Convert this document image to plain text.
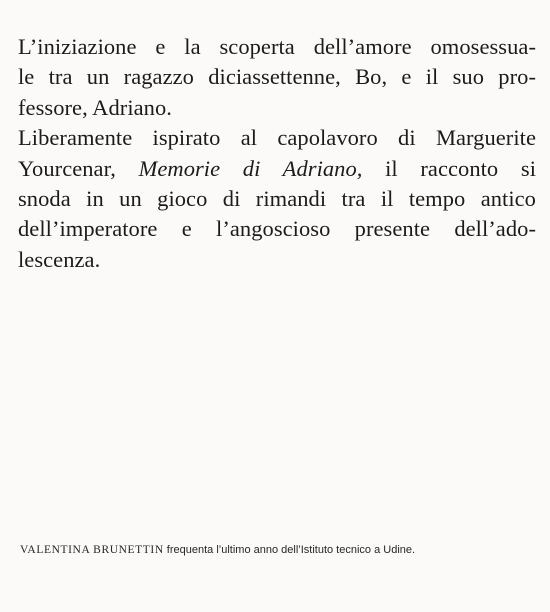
L’iniziazione e la scoperta dell’amore omosessua-
le tra un ragazzo diciassettenne, Bo, e il suo pro-
fessore, Adriano.
Liberamente ispirato al capolavoro di Marguerite
Yourcenar, Memorie di Adriano, il racconto si
snoda in un gioco di rimandi tra il tempo antico
dell’imperatore e l’angoscioso presente dell’ado-
lescenza.
VALENTINA BRUNETTIN frequenta l’ultimo anno dell’Istituto tecnico a Udine.
